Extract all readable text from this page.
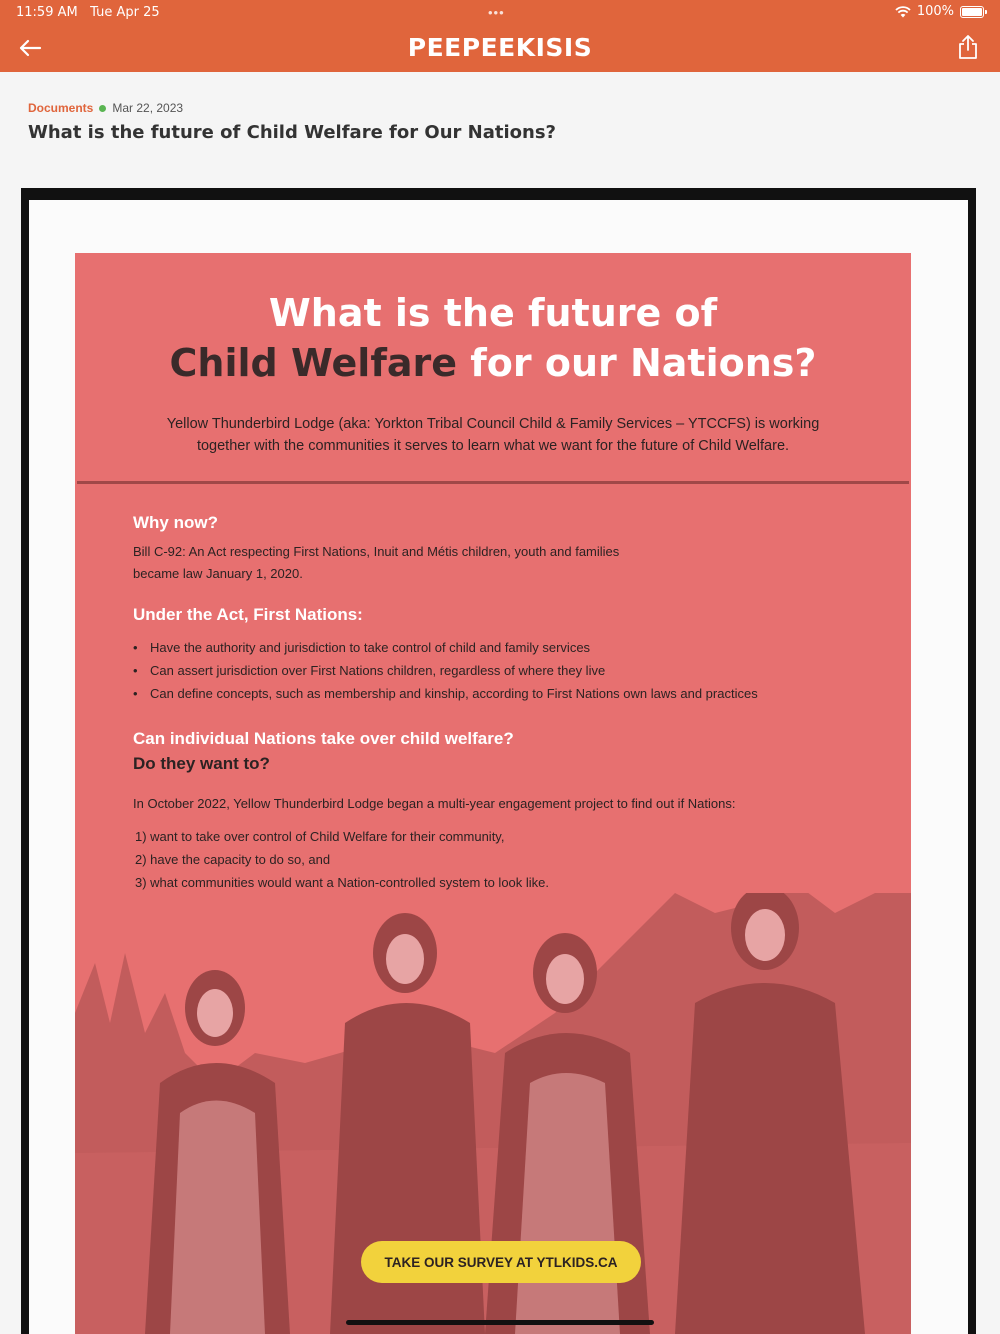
11:59 AM Tue Apr 25	•••	100%
PEEPEEKISIS
Documents Mar 22, 2023
What is the future of Child Welfare for Our Nations?
What is the future of
Child Welfare for our Nations?
Yellow Thunderbird Lodge (aka: Yorkton Tribal Council Child & Family Services – YTCCFS) is working
together with the communities it serves to learn what we want for the future of Child Welfare.
Why now?
Bill C-92: An Act respecting First Nations, Inuit and Métis children, youth and families
became law January 1, 2020.
Under the Act, First Nations:
• Have the authority and jurisdiction to take control of child and family services
• Can assert jurisdiction over First Nations children, regardless of where they live
• Can define concepts, such as membership and kinship, according to First Nations own laws and practices
Can individual Nations take over child welfare?
Do they want to?
In October 2022, Yellow Thunderbird Lodge began a multi-year engagement project to find out if Nations:
1) want to take over control of Child Welfare for their community,
2) have the capacity to do so, and
3) what communities would want a Nation-controlled system to look like.
TAKE OUR SURVEY AT YTLKIDS.CA
